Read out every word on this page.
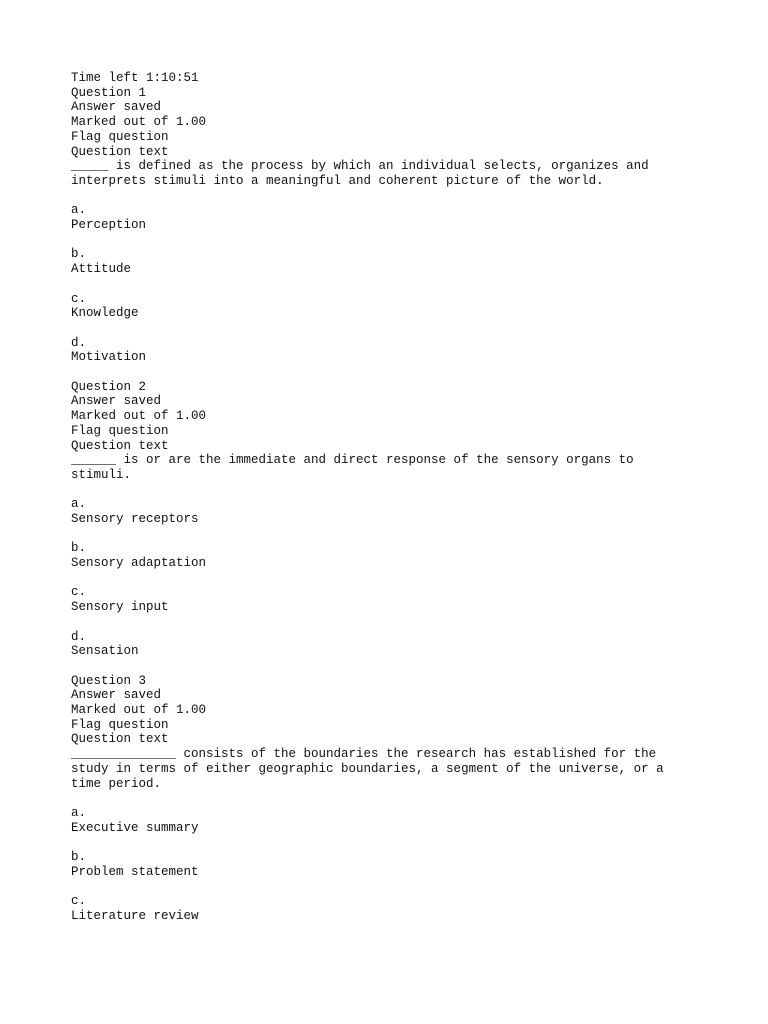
Time left 1:10:51
Question 1
Answer saved
Marked out of 1.00
Flag question
Question text
_____ is defined as the process by which an individual selects, organizes and interprets stimuli into a meaningful and coherent picture of the world.
a.
Perception
b.
Attitude
c.
Knowledge
d.
Motivation
Question 2
Answer saved
Marked out of 1.00
Flag question
Question text
______ is or are the immediate and direct response of the sensory organs to stimuli.
a.
Sensory receptors
b.
Sensory adaptation
c.
Sensory input
d.
Sensation
Question 3
Answer saved
Marked out of 1.00
Flag question
Question text
______________ consists of the boundaries the research has established for the study in terms of either geographic boundaries, a segment of the universe, or a time period.
a.
Executive summary
b.
Problem statement
c.
Literature review
